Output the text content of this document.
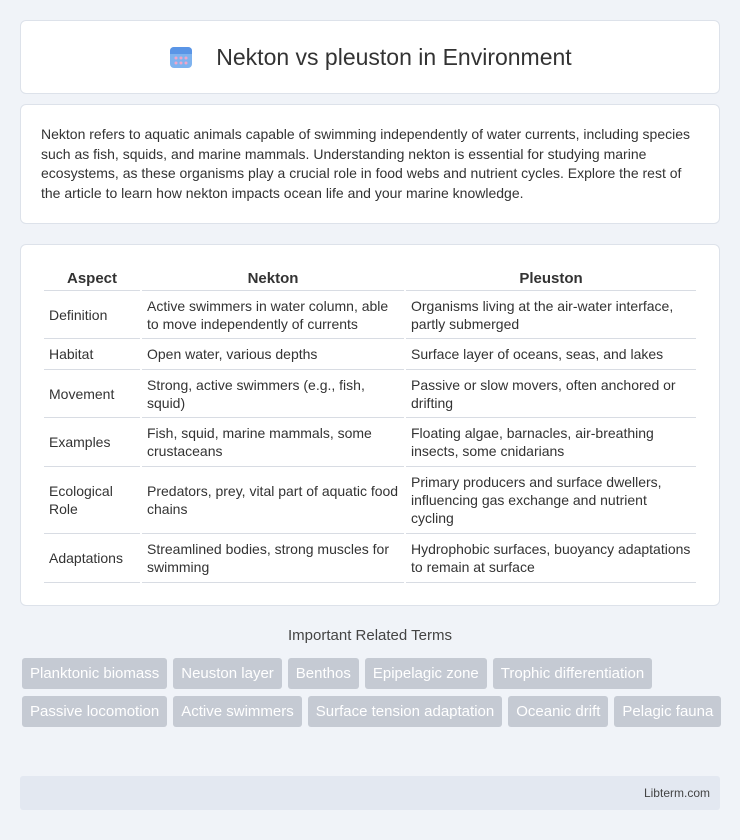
Nekton vs pleuston in Environment

Nekton refers to aquatic animals capable of swimming independently of water currents, including species such as fish, squids, and marine mammals. Understanding nekton is essential for studying marine ecosystems, as these organisms play a crucial role in food webs and nutrient cycles. Explore the rest of the article to learn how nekton impacts ocean life and your marine knowledge.

Aspect	Nekton	Pleuston
Definition	Active swimmers in water column, able to move independently of currents	Organisms living at the air-water interface, partly submerged
Habitat	Open water, various depths	Surface layer of oceans, seas, and lakes
Movement	Strong, active swimmers (e.g., fish, squid)	Passive or slow movers, often anchored or drifting
Examples	Fish, squid, marine mammals, some crustaceans	Floating algae, barnacles, air-breathing insects, some cnidarians
Ecological Role	Predators, prey, vital part of aquatic food chains	Primary producers and surface dwellers, influencing gas exchange and nutrient cycling
Adaptations	Streamlined bodies, strong muscles for swimming	Hydrophobic surfaces, buoyancy adaptations to remain at surface
Important Related Terms
Planktonic biomass	Neuston layer	Benthos	Epipelagic zone	Trophic differentiation
Passive locomotion	Active swimmers	Surface tension adaptation	Oceanic drift	Pelagic fauna
Libterm.com
